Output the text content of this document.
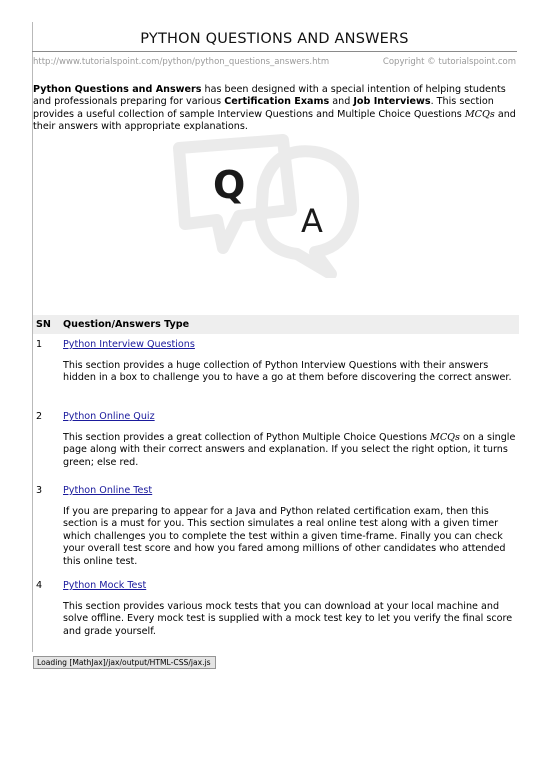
PYTHON QUESTIONS AND ANSWERS
http://www.tutorialspoint.com/python/python_questions_answers.htm	Copyright © tutorialspoint.com
Python Questions and Answers has been designed with a special intention of helping students and professionals preparing for various Certification Exams and Job Interviews. This section provides a useful collection of sample Interview Questions and Multiple Choice Questions MCQs and their answers with appropriate explanations.
Q
A
SN Question/Answers Type
1 Python Interview Questions
This section provides a huge collection of Python Interview Questions with their answers hidden in a box to challenge you to have a go at them before discovering the correct answer.
2 Python Online Quiz
This section provides a great collection of Python Multiple Choice Questions MCQs on a single page along with their correct answers and explanation. If you select the right option, it turns green; else red.
3 Python Online Test
If you are preparing to appear for a Java and Python related certification exam, then this section is a must for you. This section simulates a real online test along with a given timer which challenges you to complete the test within a given time-frame. Finally you can check your overall test score and how you fared among millions of other candidates who attended this online test.
4 Python Mock Test
This section provides various mock tests that you can download at your local machine and solve offline. Every mock test is supplied with a mock test key to let you verify the final score and grade yourself.
Loading [MathJax]/jax/output/HTML-CSS/jax.js
